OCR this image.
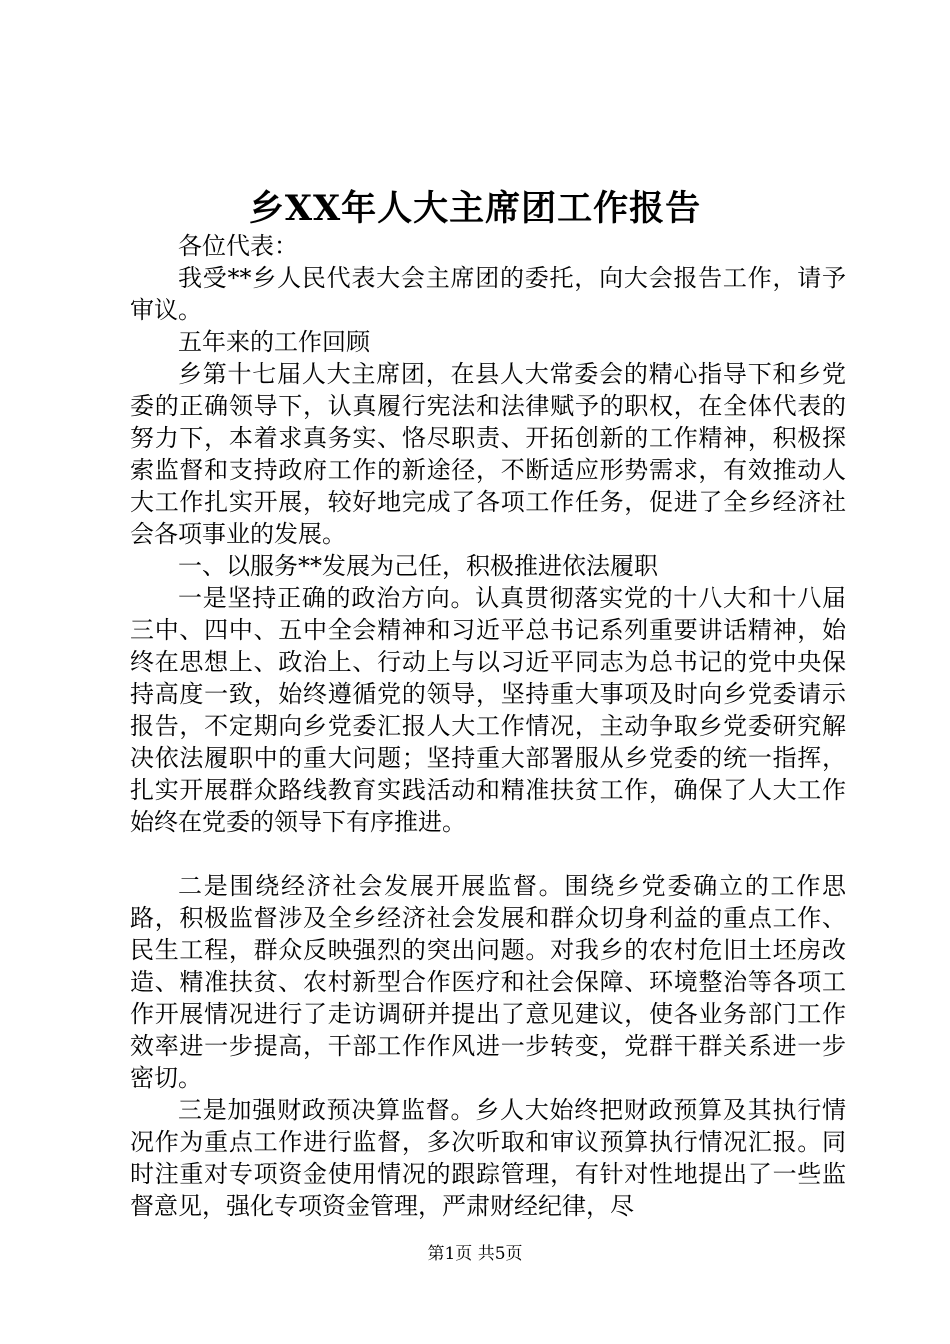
乡XX年人大主席团工作报告

各位代表：

我受**乡人民代表大会主席团的委托，向大会报告工作，请予审议。

五年来的工作回顾

乡第十七届人大主席团，在县人大常委会的精心指导下和乡党委的正确领导下，认真履行宪法和法律赋予的职权，在全体代表的努力下，本着求真务实、恪尽职责、开拓创新的工作精神，积极探索监督和支持政府工作的新途径，不断适应形势需求，有效推动人大工作扎实开展，较好地完成了各项工作任务，促进了全乡经济社会各项事业的发展。

一、以服务**发展为己任，积极推进依法履职

一是坚持正确的政治方向。认真贯彻落实党的十八大和十八届三中、四中、五中全会精神和习近平总书记系列重要讲话精神，始终在思想上、政治上、行动上与以习近平同志为总书记的党中央保持高度一致，始终遵循党的领导，坚持重大事项及时向乡党委请示报告，不定期向乡党委汇报人大工作情况，主动争取乡党委研究解决依法履职中的重大问题；坚持重大部署服从乡党委的统一指挥，扎实开展群众路线教育实践活动和精准扶贫工作，确保了人大工作始终在党委的领导下有序推进。

二是围绕经济社会发展开展监督。围绕乡党委确立的工作思路，积极监督涉及全乡经济社会发展和群众切身利益的重点工作、民生工程，群众反映强烈的突出问题。对我乡的农村危旧土坯房改造、精准扶贫、农村新型合作医疗和社会保障、环境整治等各项工作开展情况进行了走访调研并提出了意见建议，使各业务部门工作效率进一步提高，干部工作作风进一步转变，党群干群关系进一步密切。

三是加强财政预决算监督。乡人大始终把财政预算及其执行情况作为重点工作进行监督，多次听取和审议预算执行情况汇报。同时注重对专项资金使用情况的跟踪管理，有针对性地提出了一些监督意见，强化专项资金管理，严肃财经纪律，尽

第1页 共5页
